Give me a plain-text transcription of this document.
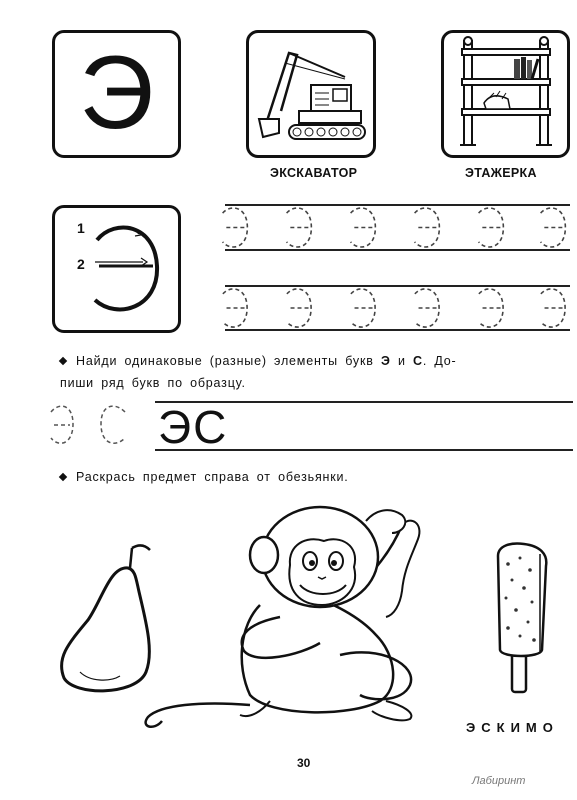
Э
ЭКСКАВАТОР	ЭТАЖЕРКА
1
2
Найди одинаковые (разные) элементы букв Э и С. До-
пиши ряд букв по образцу.
ЭС
Раскрась предмет справа от обезьянки.
ЭСКИМО
30
Лабиринт
